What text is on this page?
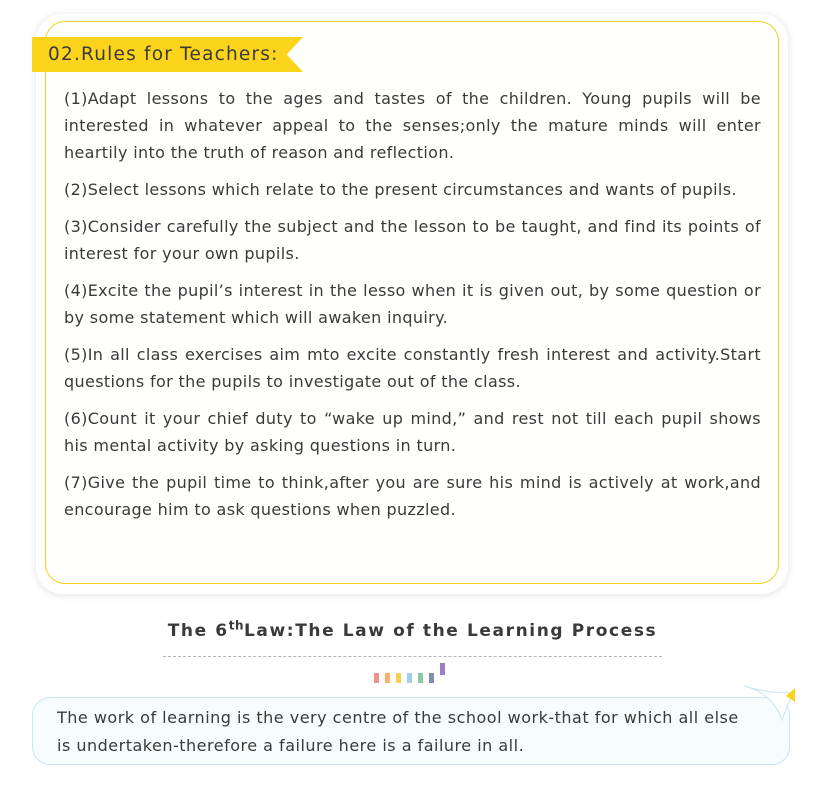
02.Rules for Teachers:

(1)Adapt lessons to the ages and tastes of the children. Young pupils will be interested in whatever appeal to the senses;only the mature minds will enter heartily into the truth of reason and reflection.

(2)Select lessons which relate to the present circumstances and wants of pupils.

(3)Consider carefully the subject and the lesson to be taught, and find its points of interest for your own pupils.

(4)Excite the pupil’s interest in the lesso when it is given out, by some question or by some statement which will awaken inquiry.

(5)In all class exercises aim mto excite constantly fresh interest and activity.Start questions for the pupils to investigate out of the class.

(6)Count it your chief duty to “wake up mind,” and rest not till each pupil shows his mental activity by asking questions in turn.

(7)Give the pupil time to think,after you are sure his mind is actively at work,and encourage him to ask questions when puzzled.

The 6thLaw:The Law of the Learning Process
The work of learning is the very centre of the school work-that for which all else is undertaken-therefore a failure here is a failure in all.
